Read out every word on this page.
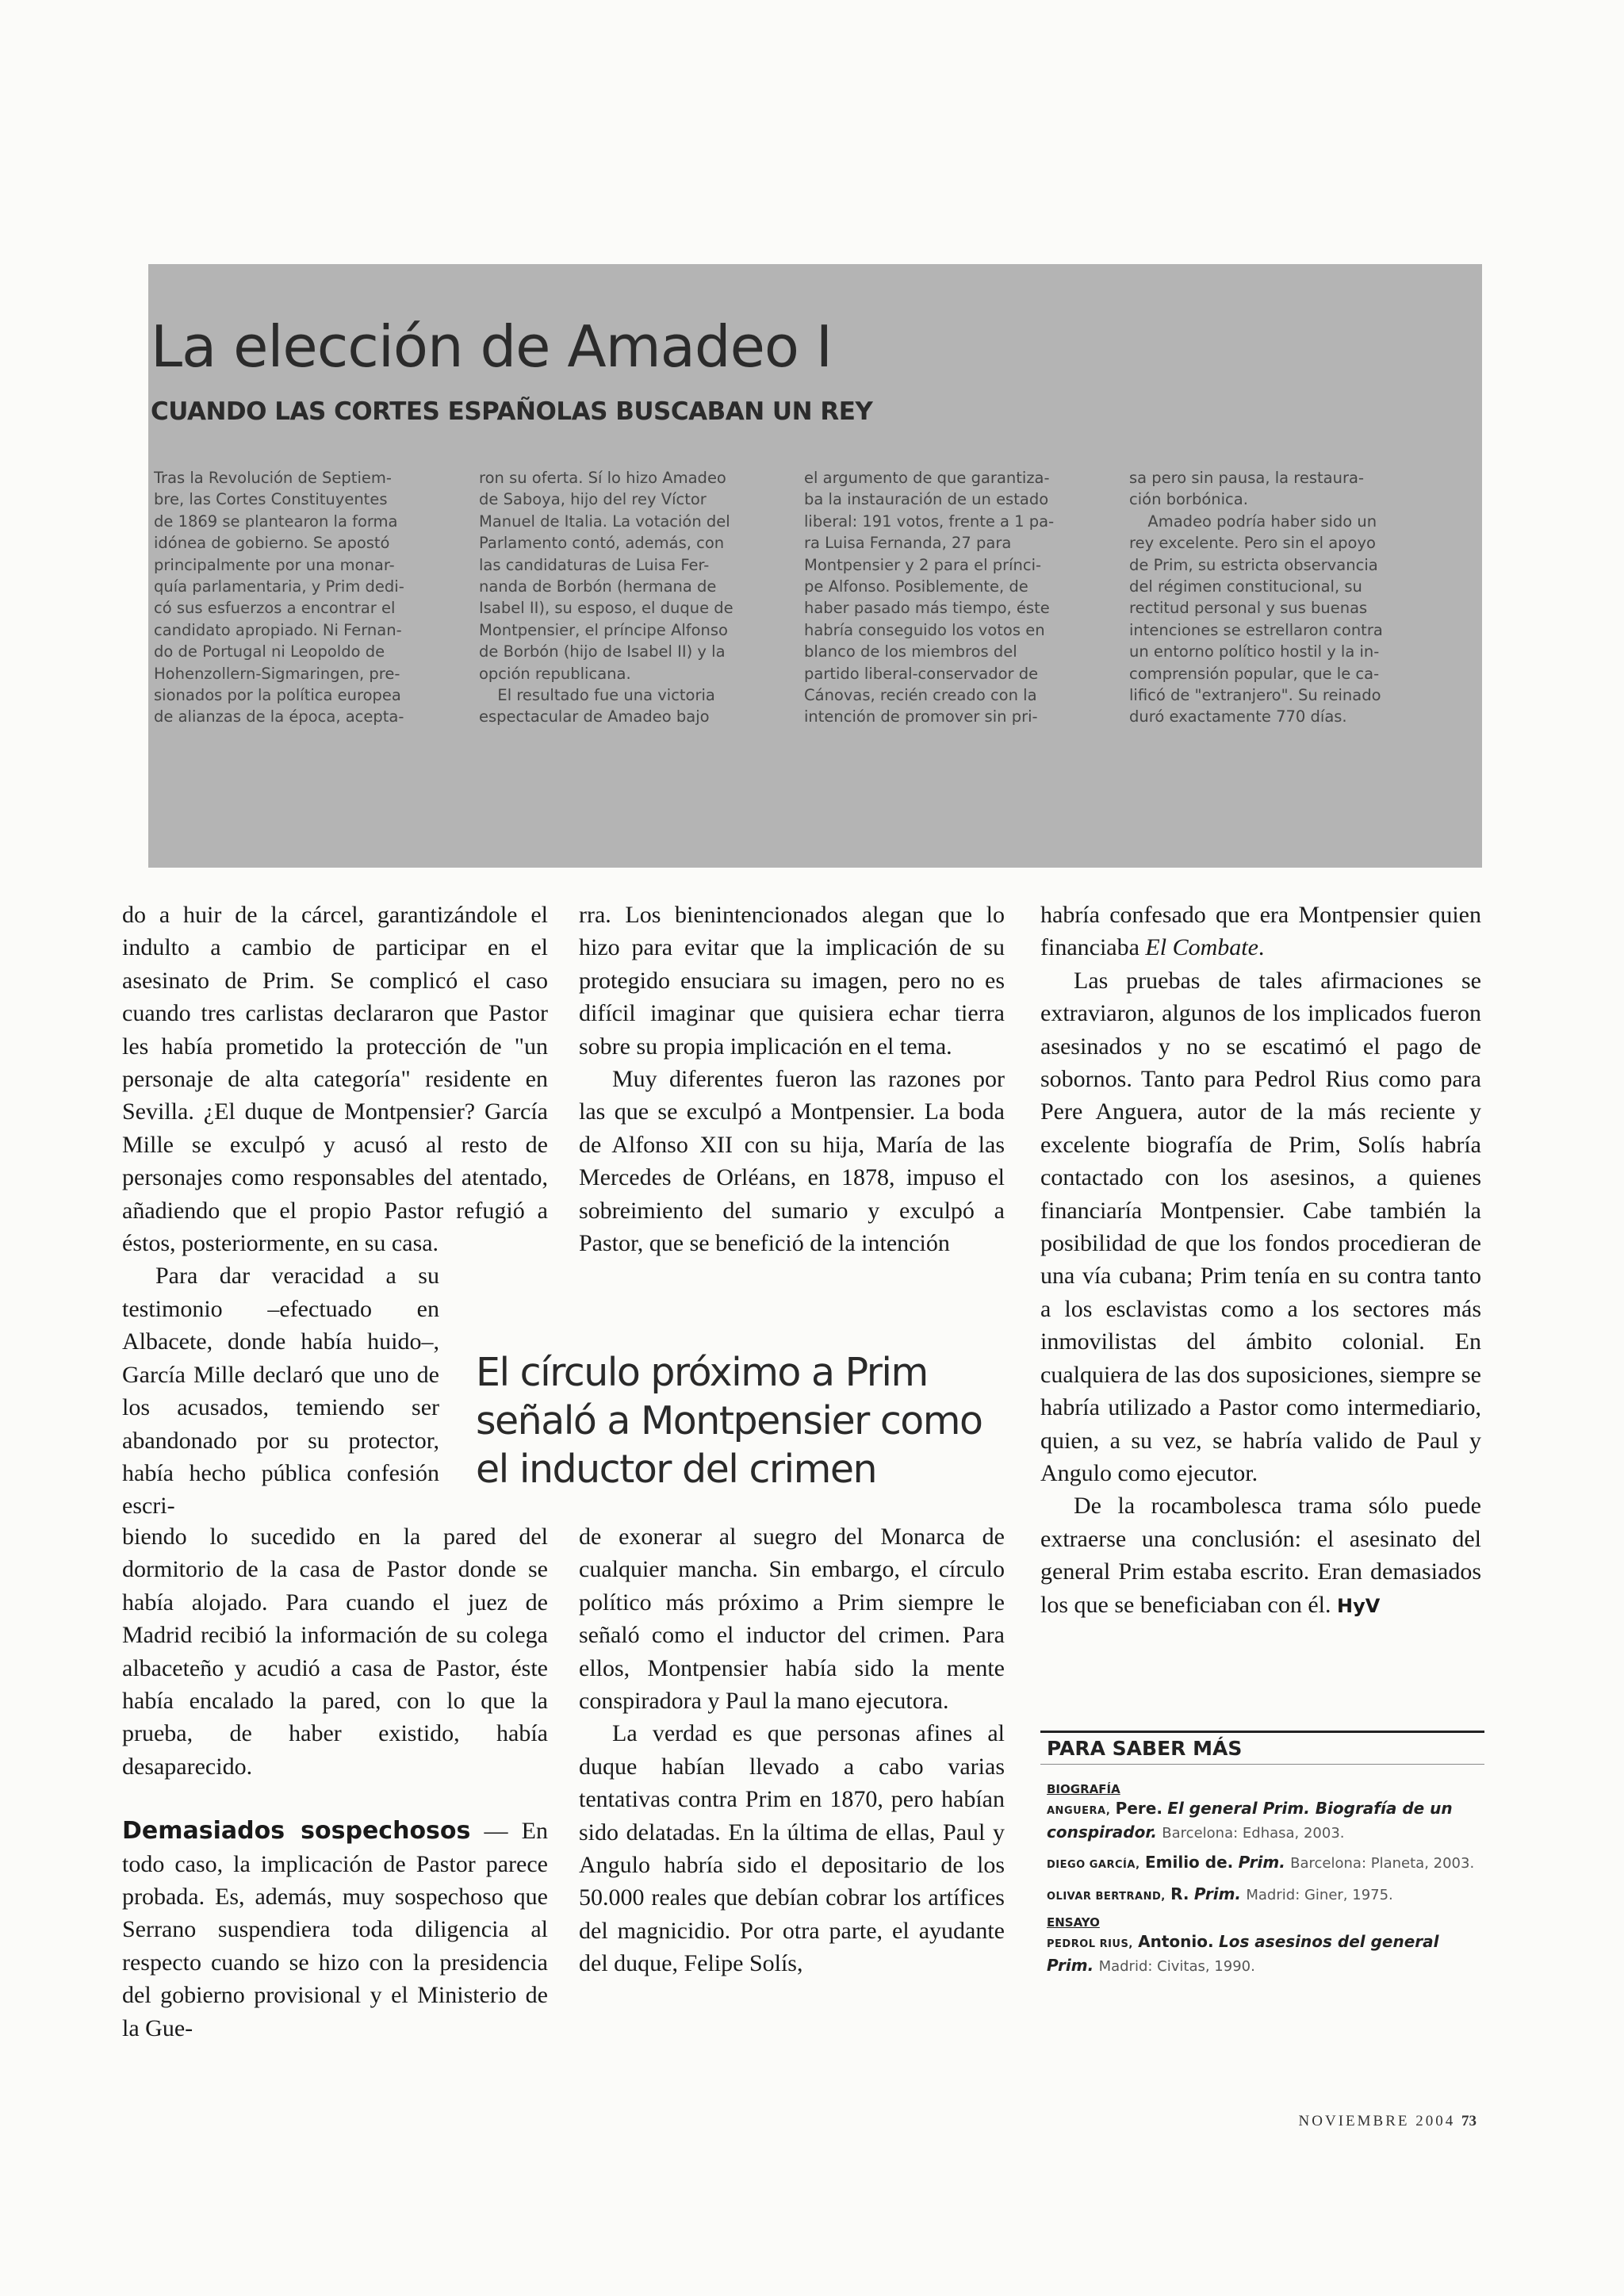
La elección de Amadeo I
CUANDO LAS CORTES ESPAÑOLAS BUSCABAN UN REY

Tras la Revolución de Septiem-
bre, las Cortes Constituyentes
de 1869 se plantearon la forma
idónea de gobierno. Se apostó
principalmente por una monar-
quía parlamentaria, y Prim dedi-
có sus esfuerzos a encontrar el
candidato apropiado. Ni Fernan-
do de Portugal ni Leopoldo de
Hohenzollern-Sigmaringen, pre-
sionados por la política europea
de alianzas de la época, acepta-

ron su oferta. Sí lo hizo Amadeo
de Saboya, hijo del rey Víctor
Manuel de Italia. La votación del
Parlamento contó, además, con
las candidaturas de Luisa Fer-
nanda de Borbón (hermana de
Isabel II), su esposo, el duque de
Montpensier, el príncipe Alfonso
de Borbón (hijo de Isabel II) y la
opción republicana.

El resultado fue una victoria
espectacular de Amadeo bajo

el argumento de que garantiza-
ba la instauración de un estado
liberal: 191 votos, frente a 1 pa-
ra Luisa Fernanda, 27 para
Montpensier y 2 para el prínci-
pe Alfonso. Posiblemente, de
haber pasado más tiempo, éste
habría conseguido los votos en
blanco de los miembros del
partido liberal-conservador de
Cánovas, recién creado con la
intención de promover sin pri-

sa pero sin pausa, la restaura-
ción borbónica.

Amadeo podría haber sido un
rey excelente. Pero sin el apoyo
de Prim, su estricta observancia
del régimen constitucional, su
rectitud personal y sus buenas
intenciones se estrellaron contra
un entorno político hostil y la in-
comprensión popular, que le ca-
lificó de "extranjero". Su reinado
duró exactamente 770 días.

do a huir de la cárcel, garantizándole el indulto a cambio de participar en el asesinato de Prim. Se complicó el caso cuando tres carlistas declararon que Pastor les había prometido la protección de "un personaje de alta categoría" residente en Sevilla. ¿El duque de Montpensier? García Mille se exculpó y acusó al resto de personajes como responsables del atentado, añadiendo que el propio Pastor refugió a éstos, posteriormente, en su casa.

Para dar veracidad a su testimonio –efectuado en Albacete, donde había huido–, García Mille declaró que uno de los acusados, temiendo ser abandonado por su protector, había hecho pública confesión escri-

biendo lo sucedido en la pared del dormitorio de la casa de Pastor donde se había alojado. Para cuando el juez de Madrid recibió la información de su colega albaceteño y acudió a casa de Pastor, éste había encalado la pared, con lo que la prueba, de haber existido, había desaparecido.

Demasiados sospechosos — En todo caso, la implicación de Pastor parece probada. Es, además, muy sospechoso que Serrano suspendiera toda diligencia al respecto cuando se hizo con la presidencia del gobierno provisional y el Ministerio de la Gue-

rra. Los bienintencionados alegan que lo hizo para evitar que la implicación de su protegido ensuciara su imagen, pero no es difícil imaginar que quisiera echar tierra sobre su propia implicación en el tema.

Muy diferentes fueron las razones por las que se exculpó a Montpensier. La boda de Alfonso XII con su hija, María de las Mercedes de Orléans, en 1878, impuso el sobreimiento del sumario y exculpó a Pastor, que se benefició de la intención

El círculo próximo a Prim
señaló a Montpensier como
el inductor del crimen

de exonerar al suegro del Monarca de cualquier mancha. Sin embargo, el círculo político más próximo a Prim siempre le señaló como el inductor del crimen. Para ellos, Montpensier había sido la mente conspiradora y Paul la mano ejecutora.

La verdad es que personas afines al duque habían llevado a cabo varias tentativas contra Prim en 1870, pero habían sido delatadas. En la última de ellas, Paul y Angulo habría sido el depositario de los 50.000 reales que debían cobrar los artífices del magnicidio. Por otra parte, el ayudante del duque, Felipe Solís,

habría confesado que era Montpensier quien financiaba El Combate.

Las pruebas de tales afirmaciones se extraviaron, algunos de los implicados fueron asesinados y no se escatimó el pago de sobornos. Tanto para Pedrol Rius como para Pere Anguera, autor de la más reciente y excelente biografía de Prim, Solís habría contactado con los asesinos, a quienes financiaría Montpensier. Cabe también la posibilidad de que los fondos procedieran de una vía cubana; Prim tenía en su contra tanto a los esclavistas como a los sectores más inmovilistas del ámbito colonial. En cualquiera de las dos suposiciones, siempre se habría utilizado a Pastor como intermediario, quien, a su vez, se habría valido de Paul y Angulo como ejecutor.

De la rocambolesca trama sólo puede extraerse una conclusión: el asesinato del general Prim estaba escrito. Eran demasiados los que se beneficiaban con él. HyV

PARA SABER MÁS
BIOGRAFÍA
ANGUERA, Pere. El general Prim. Biografía de un conspirador. Barcelona: Edhasa, 2003.
DIEGO GARCÍA, Emilio de. Prim. Barcelona: Planeta, 2003.
OLIVAR BERTRAND, R. Prim. Madrid: Giner, 1975.
ENSAYO
PEDROL RIUS, Antonio. Los asesinos del general Prim. Madrid: Civitas, 1990.
NOVIEMBRE 2004 73
